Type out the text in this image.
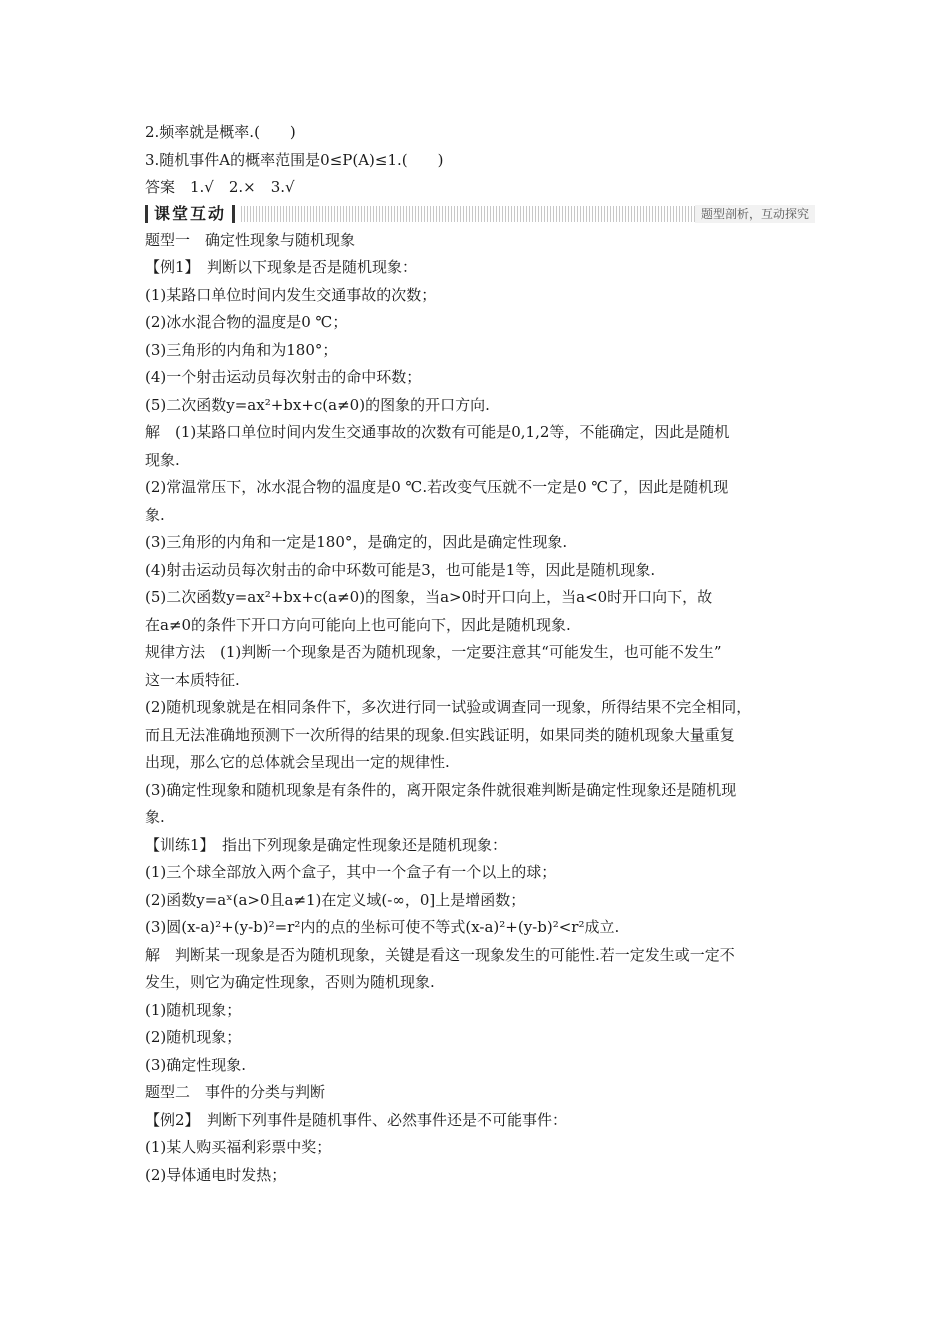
2.频率就是概率.(　　)
3.随机事件A的概率范围是0≤P(A)≤1.(　　)
答案　1.√　2.×　3.√
课堂互动	题型剖析，互动探究
题型一　确定性现象与随机现象
【例1】　判断以下现象是否是随机现象：
(1)某路口单位时间内发生交通事故的次数；
(2)冰水混合物的温度是0 ℃；
(3)三角形的内角和为180°；
(4)一个射击运动员每次射击的命中环数；
(5)二次函数y=ax²+bx+c(a≠0)的图象的开口方向.
解　(1)某路口单位时间内发生交通事故的次数有可能是0,1,2等，不能确定，因此是随机
现象.
(2)常温常压下，冰水混合物的温度是0 ℃.若改变气压就不一定是0 ℃了，因此是随机现
象.
(3)三角形的内角和一定是180°，是确定的，因此是确定性现象.
(4)射击运动员每次射击的命中环数可能是3，也可能是1等，因此是随机现象.
(5)二次函数y=ax²+bx+c(a≠0)的图象，当a>0时开口向上，当a<0时开口向下，故
在a≠0的条件下开口方向可能向上也可能向下，因此是随机现象.
规律方法　(1)判断一个现象是否为随机现象，一定要注意其“可能发生，也可能不发生”
这一本质特征.
(2)随机现象就是在相同条件下，多次进行同一试验或调查同一现象，所得结果不完全相同，
而且无法准确地预测下一次所得的结果的现象.但实践证明，如果同类的随机现象大量重复
出现，那么它的总体就会呈现出一定的规律性.
(3)确定性现象和随机现象是有条件的，离开限定条件就很难判断是确定性现象还是随机现
象.
【训练1】　指出下列现象是确定性现象还是随机现象：
(1)三个球全部放入两个盒子，其中一个盒子有一个以上的球；
(2)函数y=aˣ(a>0且a≠1)在定义域(-∞，0]上是增函数；
(3)圆(x-a)²+(y-b)²=r²内的点的坐标可使不等式(x-a)²+(y-b)²<r²成立.
解　判断某一现象是否为随机现象，关键是看这一现象发生的可能性.若一定发生或一定不
发生，则它为确定性现象，否则为随机现象.
(1)随机现象；
(2)随机现象；
(3)确定性现象.
题型二　事件的分类与判断
【例2】　判断下列事件是随机事件、必然事件还是不可能事件：
(1)某人购买福利彩票中奖；
(2)导体通电时发热；
